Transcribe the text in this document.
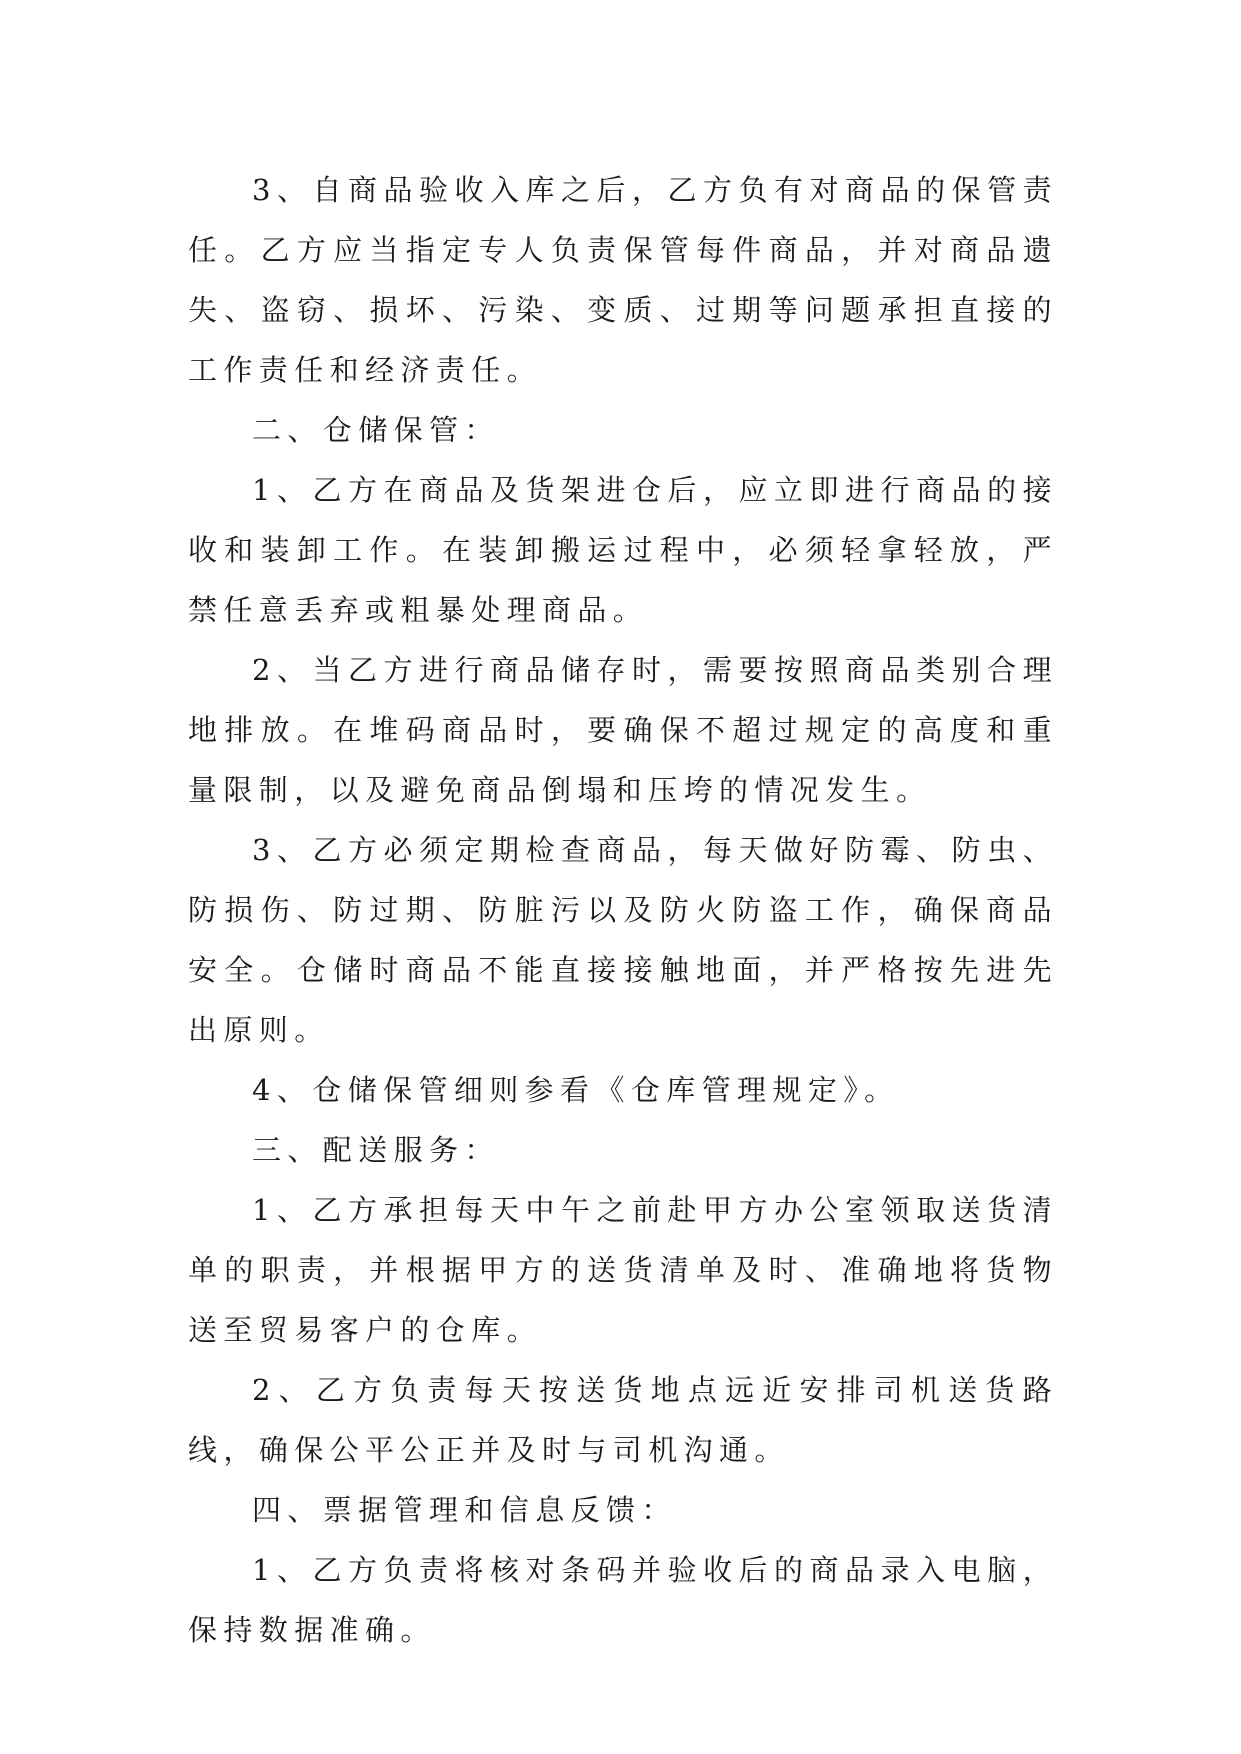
3、自商品验收入库之后，乙方负有对商品的保管责任。乙方应当指定专人负责保管每件商品，并对商品遗失、盗窃、损坏、污染、变质、过期等问题承担直接的工作责任和经济责任。

二、仓储保管：

1、乙方在商品及货架进仓后，应立即进行商品的接收和装卸工作。在装卸搬运过程中，必须轻拿轻放，严禁任意丢弃或粗暴处理商品。

2、当乙方进行商品储存时，需要按照商品类别合理地排放。在堆码商品时，要确保不超过规定的高度和重量限制，以及避免商品倒塌和压垮的情况发生。

3、乙方必须定期检查商品，每天做好防霉、防虫、防损伤、防过期、防脏污以及防火防盗工作，确保商品安全。仓储时商品不能直接接触地面，并严格按先进先出原则。

4、仓储保管细则参看《仓库管理规定》。

三、配送服务：

1、乙方承担每天中午之前赴甲方办公室领取送货清单的职责，并根据甲方的送货清单及时、准确地将货物送至贸易客户的仓库。

2、乙方负责每天按送货地点远近安排司机送货路线，确保公平公正并及时与司机沟通。

四、票据管理和信息反馈：

1、乙方负责将核对条码并验收后的商品录入电脑，保持数据准确。
